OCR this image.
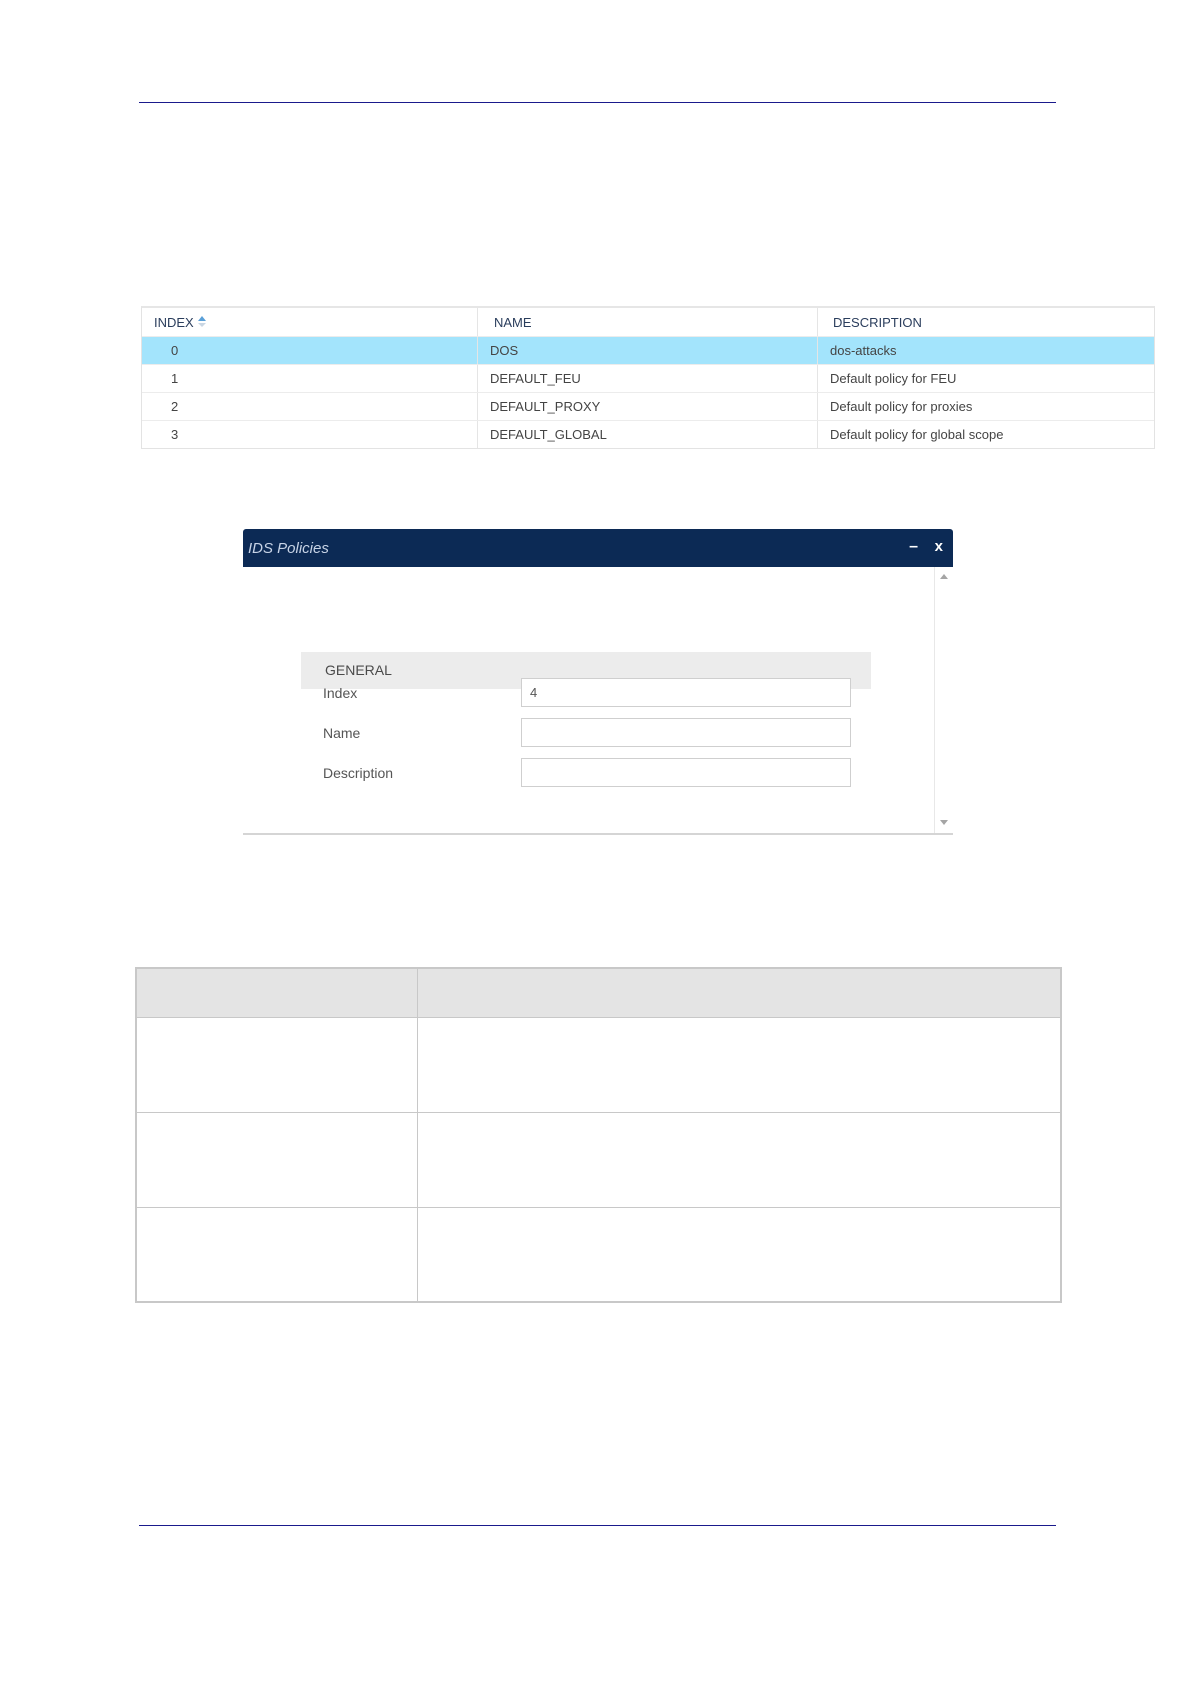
INDEX	NAME	DESCRIPTION
0	DOS	dos-attacks
1	DEFAULT_FEU	Default policy for FEU
2	DEFAULT_PROXY	Default policy for proxies
3	DEFAULT_GLOBAL	Default policy for global scope
IDS Policies	– x
GENERAL
Index	4
Name
Description
